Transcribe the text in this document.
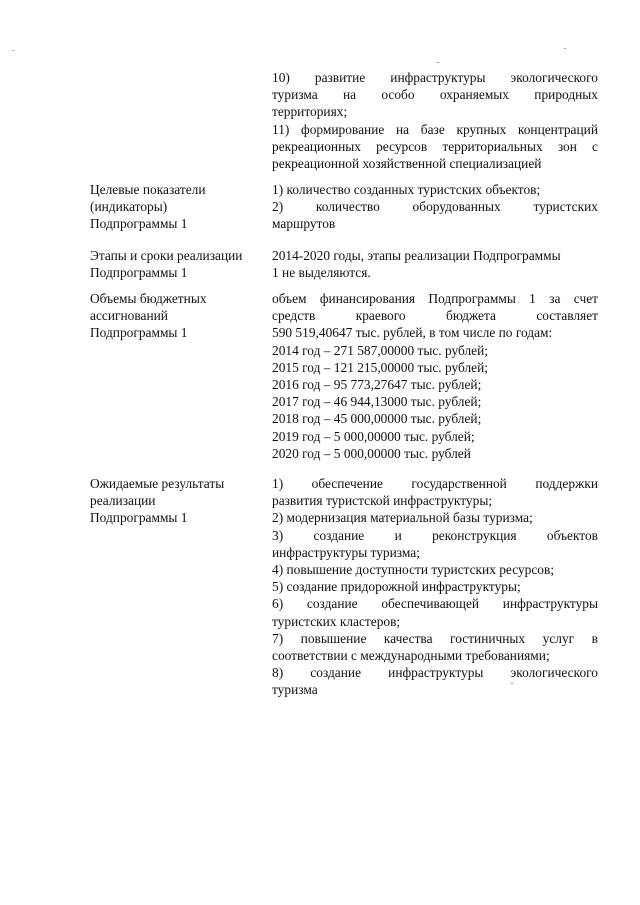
10) развитие инфраструктуры экологического
туризма на особо охраняемых природных
территориях;
11) формирование на базе крупных концентраций
рекреационных ресурсов территориальных зон с
рекреационной хозяйственной специализацией
Целевые показатели
(индикаторы)
Подпрограммы 1
1) количество созданных туристских объектов;
2) количество оборудованных туристских
маршрутов
Этапы и сроки реализации
Подпрограммы 1
2014-2020 годы, этапы реализации Подпрограммы
1 не выделяются.
Объемы бюджетных
ассигнований
Подпрограммы 1
объем финансирования Подпрограммы 1 за счет
средств краевого бюджета составляет
590 519,40647 тыс. рублей, в том числе по годам:
2014 год – 271 587,00000 тыс. рублей;
2015 год – 121 215,00000 тыс. рублей;
2016 год – 95 773,27647 тыс. рублей;
2017 год – 46 944,13000 тыс. рублей;
2018 год – 45 000,00000 тыс. рублей;
2019 год – 5 000,00000 тыс. рублей;
2020 год – 5 000,00000 тыс. рублей
Ожидаемые результаты
реализации
Подпрограммы 1
1) обеспечение государственной поддержки
развития туристской инфраструктуры;
2) модернизация материальной базы туризма;
3) создание и реконструкция объектов
инфраструктуры туризма;
4) повышение доступности туристских ресурсов;
5) создание придорожной инфраструктуры;
6) создание обеспечивающей инфраструктуры
туристских кластеров;
7) повышение качества гостиничных услуг в
соответствии с международными требованиями;
8) создание инфраструктуры экологического
туризма
